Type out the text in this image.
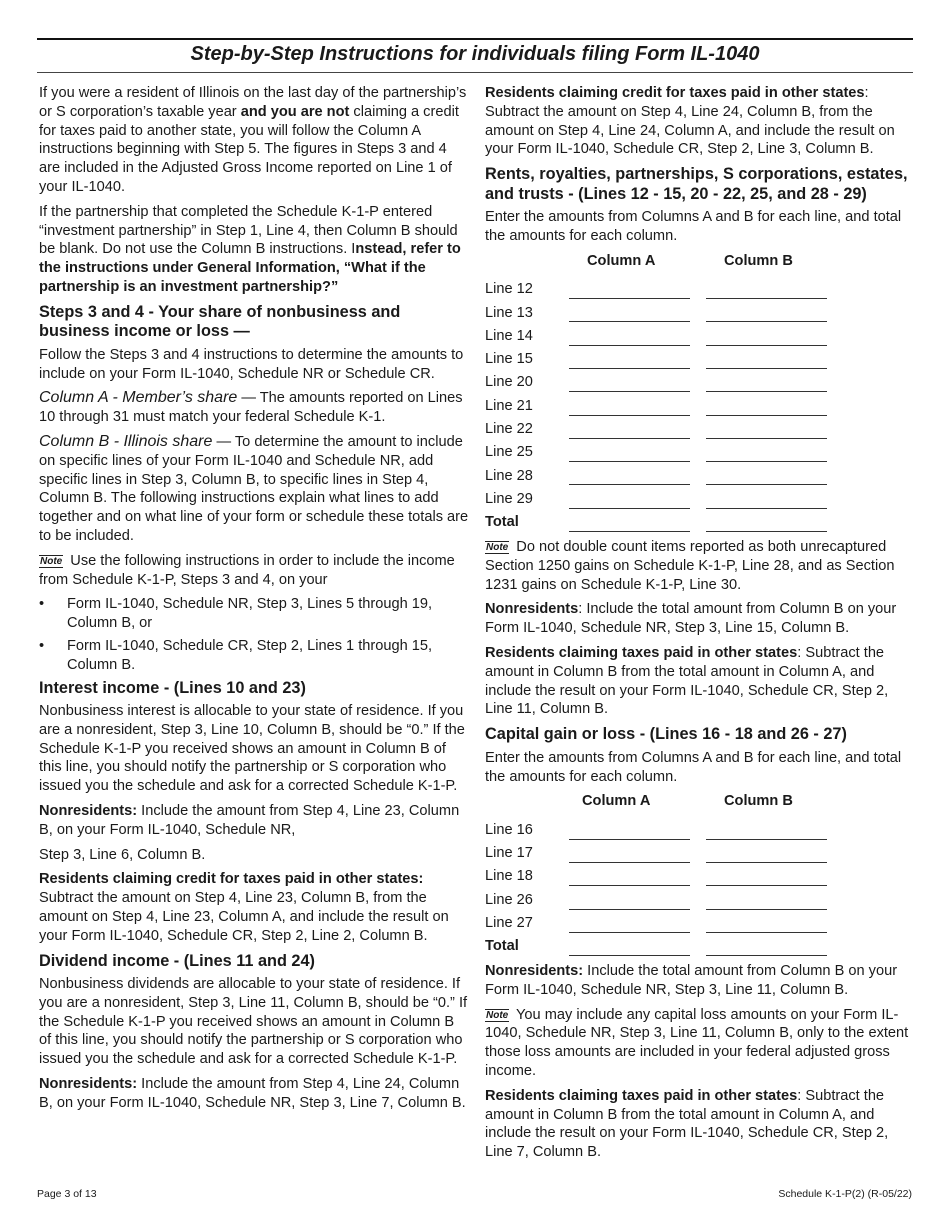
Step-by-Step Instructions for individuals filing Form IL-1040

If you were a resident of Illinois on the last day of the partnership’s or S corporation’s taxable year and you are not claiming a credit for taxes paid to another state, you will follow the Column A instructions beginning with Step 5. The figures in Steps 3 and 4 are included in the Adjusted Gross Income reported on Line 1 of your IL-1040.

If the partnership that completed the Schedule K-1-P entered “investment partnership” in Step 1, Line 4, then Column B should be blank. Do not use the Column B instructions. Instead, refer to the instructions under General Information, “What if the partnership is an investment partnership?”

Steps 3 and 4 - Your share of nonbusiness and business income or loss —

Follow the Steps 3 and 4 instructions to determine the amounts to include on your Form IL-1040, Schedule NR or Schedule CR.

Column A - Member’s share — The amounts reported on Lines 10 through 31 must match your federal Schedule K-1.

Column B - Illinois share — To determine the amount to include on specific lines of your Form IL-1040 and Schedule NR, add specific lines in Step 3, Column B, to specific lines in Step 4, Column B. The following instructions explain what lines to add together and on what line of your form or schedule these totals are to be included.

Note Use the following instructions in order to include the income from Schedule K-1-P, Steps 3 and 4, on your

• Form IL-1040, Schedule NR, Step 3, Lines 5 through 19, Column B, or
• Form IL-1040, Schedule CR, Step 2, Lines 1 through 15, Column B.
Interest income - (Lines 10 and 23)

Nonbusiness interest is allocable to your state of residence. If you are a nonresident, Step 3, Line 10, Column B, should be “0.” If the Schedule K-1-P you received shows an amount in Column B of this line, you should notify the partnership or S corporation who issued you the schedule and ask for a corrected Schedule K-1-P.

Nonresidents: Include the amount from Step 4, Line 23, Column B, on your Form IL-1040, Schedule NR,

Step 3, Line 6, Column B.

Residents claiming credit for taxes paid in other states: Subtract the amount on Step 4, Line 23, Column B, from the amount on Step 4, Line 23, Column A, and include the result on your Form IL-1040, Schedule CR, Step 2, Line 2, Column B.

Dividend income - (Lines 11 and 24)

Nonbusiness dividends are allocable to your state of residence. If you are a nonresident, Step 3, Line 11, Column B, should be “0.” If the Schedule K-1-P you received shows an amount in Column B of this line, you should notify the partnership or S corporation who issued you the schedule and ask for a corrected Schedule K-1-P.

Nonresidents: Include the amount from Step 4, Line 24, Column B, on your Form IL-1040, Schedule NR, Step 3, Line 7, Column B.

Residents claiming credit for taxes paid in other states: Subtract the amount on Step 4, Line 24, Column B, from the amount on Step 4, Line 24, Column A, and include the result on your Form IL-1040, Schedule CR, Step 2, Line 3, Column B.

Rents, royalties, partnerships, S corporations, estates, and trusts - (Lines 12 - 15, 20 - 22, 25, and 28 - 29)

Enter the amounts from Columns A and B for each line, and total the amounts for each column.

Column A	Column B
Line 12
Line 13
Line 14
Line 15
Line 20
Line 21
Line 22
Line 25
Line 28
Line 29
Total

Note Do not double count items reported as both unrecaptured Section 1250 gains on Schedule K-1-P, Line 28, and as Section 1231 gains on Schedule K-1-P, Line 30.

Nonresidents: Include the total amount from Column B on your Form IL-1040, Schedule NR, Step 3, Line 15, Column B.

Residents claiming taxes paid in other states: Subtract the amount in Column B from the total amount in Column A, and include the result on your Form IL-1040, Schedule CR, Step 2, Line 11, Column B.

Capital gain or loss - (Lines 16 - 18 and 26 - 27)

Enter the amounts from Columns A and B for each line, and total the amounts for each column.

Column A	Column B
Line 16
Line 17
Line 18
Line 26
Line 27
Total

Nonresidents: Include the total amount from Column B on your Form IL-1040, Schedule NR, Step 3, Line 11, Column B.

Note You may include any capital loss amounts on your Form IL-1040, Schedule NR, Step 3, Line 11, Column B, only to the extent those loss amounts are included in your federal adjusted gross income.

Residents claiming taxes paid in other states: Subtract the amount in Column B from the total amount in Column A, and include the result on your Form IL-1040, Schedule CR, Step 2, Line 7, Column B.

Page 3 of 13	Schedule K-1-P(2) (R-05/22)
